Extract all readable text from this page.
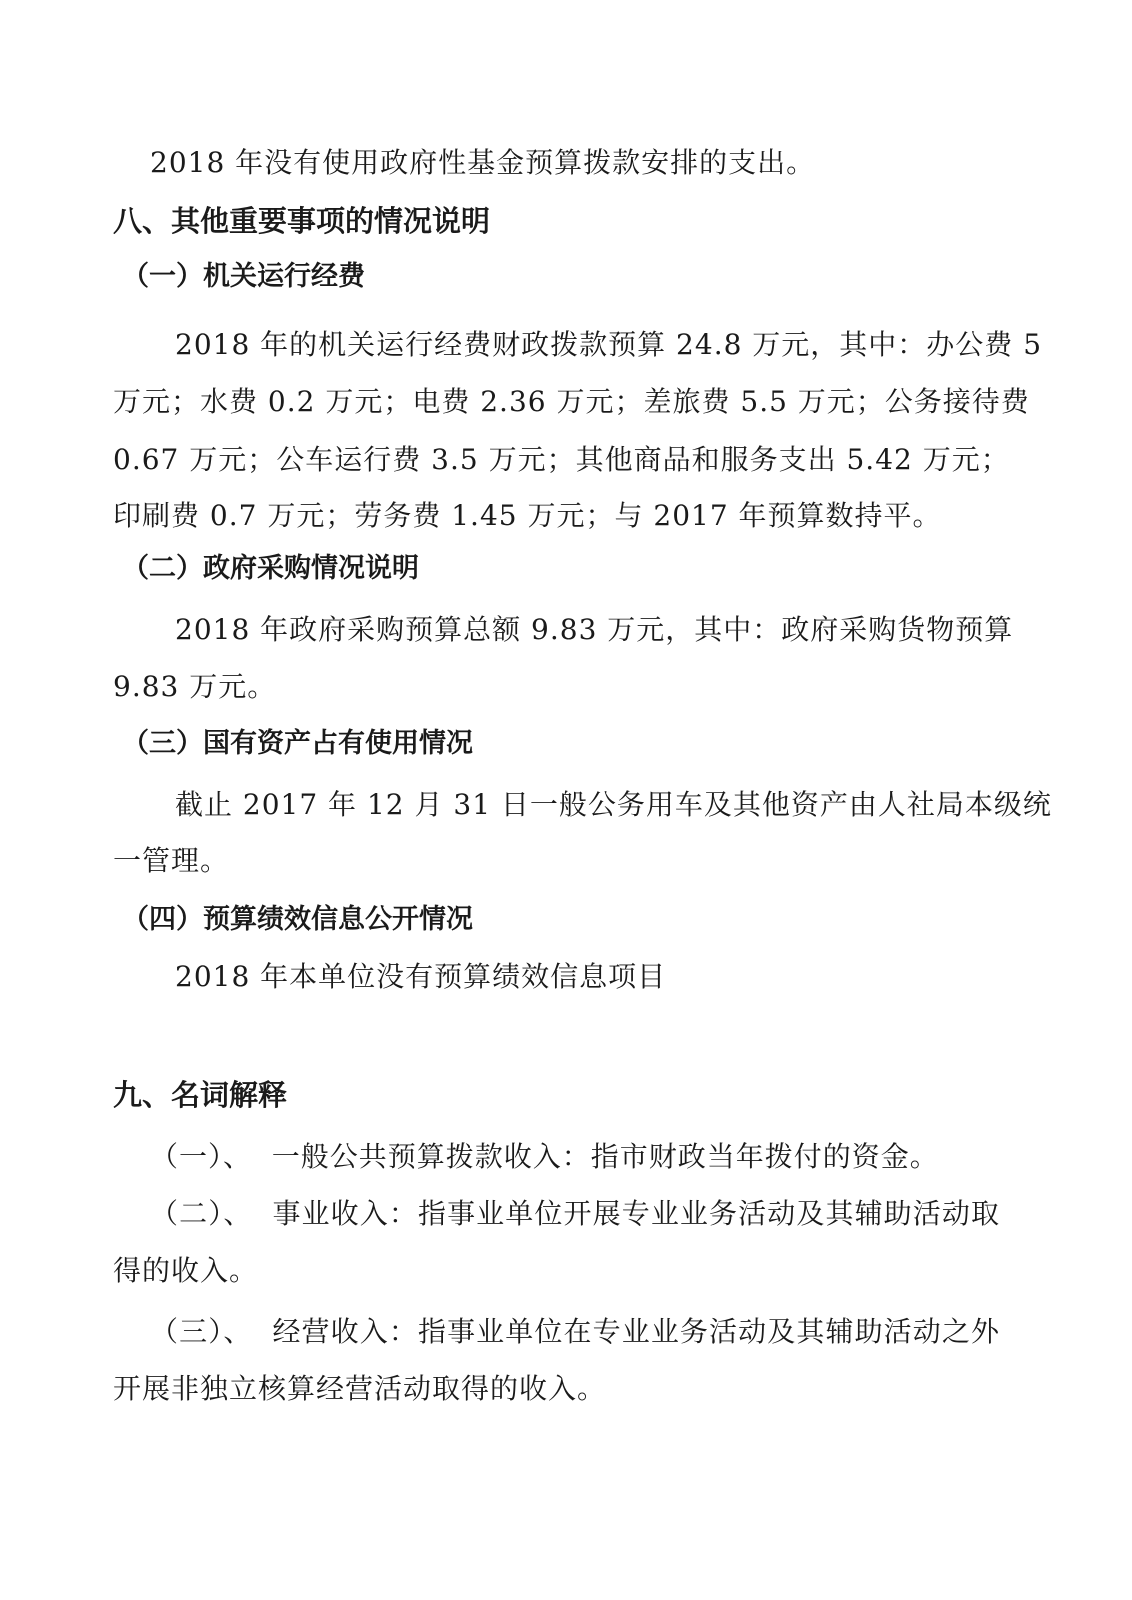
2018 年没有使用政府性基金预算拨款安排的支出。
八、其他重要事项的情况说明
（一）机关运行经费
2018 年的机关运行经费财政拨款预算 24.8 万元，其中：办公费 5
万元；水费 0.2 万元；电费 2.36 万元；差旅费 5.5 万元；公务接待费
0.67 万元；公车运行费 3.5 万元；其他商品和服务支出 5.42 万元；
印刷费 0.7 万元；劳务费 1.45 万元；与 2017 年预算数持平。
（二）政府采购情况说明
2018 年政府采购预算总额 9.83 万元，其中：政府采购货物预算
9.83 万元。
（三）国有资产占有使用情况
截止 2017 年 12 月 31 日一般公务用车及其他资产由人社局本级统
一管理。
（四）预算绩效信息公开情况
2018 年本单位没有预算绩效信息项目
九、名词解释
（一）、  一般公共预算拨款收入：指市财政当年拨付的资金。
（二）、  事业收入：指事业单位开展专业业务活动及其辅助活动取
得的收入。
（三）、  经营收入：指事业单位在专业业务活动及其辅助活动之外
开展非独立核算经营活动取得的收入。
